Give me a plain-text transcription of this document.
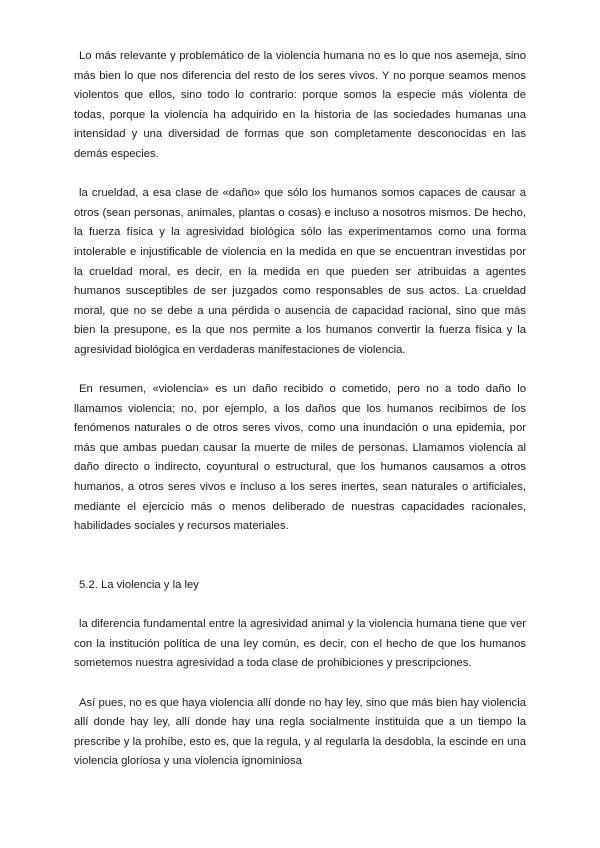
Lo más relevante y problemático de la violencia humana no es lo que nos asemeja, sino más bien lo que nos diferencia del resto de los seres vivos. Y no porque seamos menos violentos que ellos, sino todo lo contrario: porque somos la especie más violenta de todas, porque la violencia ha adquirido en la historia de las sociedades humanas una intensidad y una diversidad de formas que son completamente desconocidas en las demás especies.

la crueldad, a esa clase de «daño» que sólo los humanos somos capaces de causar a otros (sean personas, animales, plantas o cosas) e incluso a nosotros mismos. De hecho, la fuerza física y la agresividad biológica sólo las experimentamos como una forma intolerable e injustificable de violencia en la medida en que se encuentran investidas por la crueldad moral, es decir, en la medida en que pueden ser atribuidas a agentes humanos susceptibles de ser juzgados como responsables de sus actos. La crueldad moral, que no se debe a una pérdida o ausencia de capacidad racional, sino que más bien la presupone, es la que nos permite a los humanos convertir la fuerza física y la agresividad biológica en verdaderas manifestaciones de violencia.

En resumen, «violencia» es un daño recibido o cometido, pero no a todo daño lo llamamos violencia; no, por ejemplo, a los daños que los humanos recibimos de los fenómenos naturales o de otros seres vivos, como una inundación o una epidemia, por más que ambas puedan causar la muerte de miles de personas. Llamamos violencia al daño directo o indirecto, coyuntural o estructural, que los humanos causamos a otros humanos, a otros seres vivos e incluso a los seres inertes, sean naturales o artificiales, mediante el ejercicio más o menos deliberado de nuestras capacidades racionales, habilidades sociales y recursos materiales.

5.2. La violencia y la ley

la diferencia fundamental entre la agresividad animal y la violencia humana tiene que ver con la institución política de una ley común, es decir, con el hecho de que los humanos sometemos nuestra agresividad a toda clase de prohibiciones y prescripciones.

Así pues, no es que haya violencia allí donde no hay ley, sino que más bien hay violencia allí donde hay ley, allí donde hay una regla socialmente instituida que a un tiempo la prescribe y la prohíbe, esto es, que la regula, y al regularla la desdobla, la escinde en una violencia gloriosa y una violencia ignominiosa
